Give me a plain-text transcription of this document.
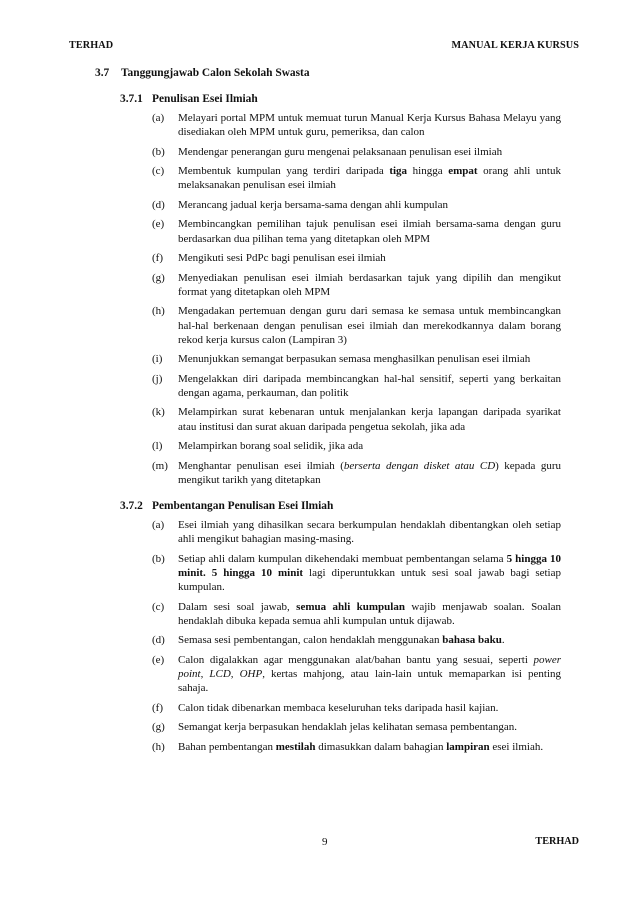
TERHAD	MANUAL KERJA KURSUS
3.7 Tanggungjawab Calon Sekolah Swasta
3.7.1 Penulisan Esei Ilmiah
(a)	Melayari portal MPM untuk memuat turun Manual Kerja Kursus Bahasa Melayu yang disediakan oleh MPM untuk guru, pemeriksa, dan calon
(b)	Mendengar penerangan guru mengenai pelaksanaan penulisan esei ilmiah
(c)	Membentuk kumpulan yang terdiri daripada tiga hingga empat orang ahli untuk melaksanakan penulisan esei ilmiah
(d)	Merancang jadual kerja bersama-sama dengan ahli kumpulan
(e)	Membincangkan pemilihan tajuk penulisan esei ilmiah bersama-sama dengan guru berdasarkan dua pilihan tema yang ditetapkan oleh MPM
(f)	Mengikuti sesi PdPc bagi penulisan esei ilmiah
(g)	Menyediakan penulisan esei ilmiah berdasarkan tajuk yang dipilih dan mengikut format yang ditetapkan oleh MPM
(h)	Mengadakan pertemuan dengan guru dari semasa ke semasa untuk membincangkan hal-hal berkenaan dengan penulisan esei ilmiah dan merekodkannya dalam borang rekod kerja kursus calon (Lampiran 3)
(i)	Menunjukkan semangat berpasukan semasa menghasilkan penulisan esei ilmiah
(j)	Mengelakkan diri daripada membincangkan hal-hal sensitif, seperti yang berkaitan dengan agama, perkauman, dan politik
(k)	Melampirkan surat kebenaran untuk menjalankan kerja lapangan daripada syarikat atau institusi dan surat akuan daripada pengetua sekolah, jika ada
(l)	Melampirkan borang soal selidik, jika ada
(m) Menghantar penulisan esei ilmiah (berserta dengan disket atau CD) kepada guru mengikut tarikh yang ditetapkan
3.7.2 Pembentangan Penulisan Esei Ilmiah
(a)	Esei ilmiah yang dihasilkan secara berkumpulan hendaklah dibentangkan oleh setiap ahli mengikut bahagian masing-masing.
(b)	Setiap ahli dalam kumpulan dikehendaki membuat pembentangan selama 5 hingga 10 minit. 5 hingga 10 minit lagi diperuntukkan untuk sesi soal jawab bagi setiap kumpulan.
(c)	Dalam sesi soal jawab, semua ahli kumpulan wajib menjawab soalan. Soalan hendaklah dibuka kepada semua ahli kumpulan untuk dijawab.
(d)	Semasa sesi pembentangan, calon hendaklah menggunakan bahasa baku.
(e)	Calon digalakkan agar menggunakan alat/bahan bantu yang sesuai, seperti power point, LCD, OHP, kertas mahjong, atau lain-lain untuk memaparkan isi penting sahaja.
(f)	Calon tidak dibenarkan membaca keseluruhan teks daripada hasil kajian.
(g)	Semangat kerja berpasukan hendaklah jelas kelihatan semasa pembentangan.
(h)	Bahan pembentangan mestilah dimasukkan dalam bahagian lampiran esei ilmiah.
9	TERHAD
